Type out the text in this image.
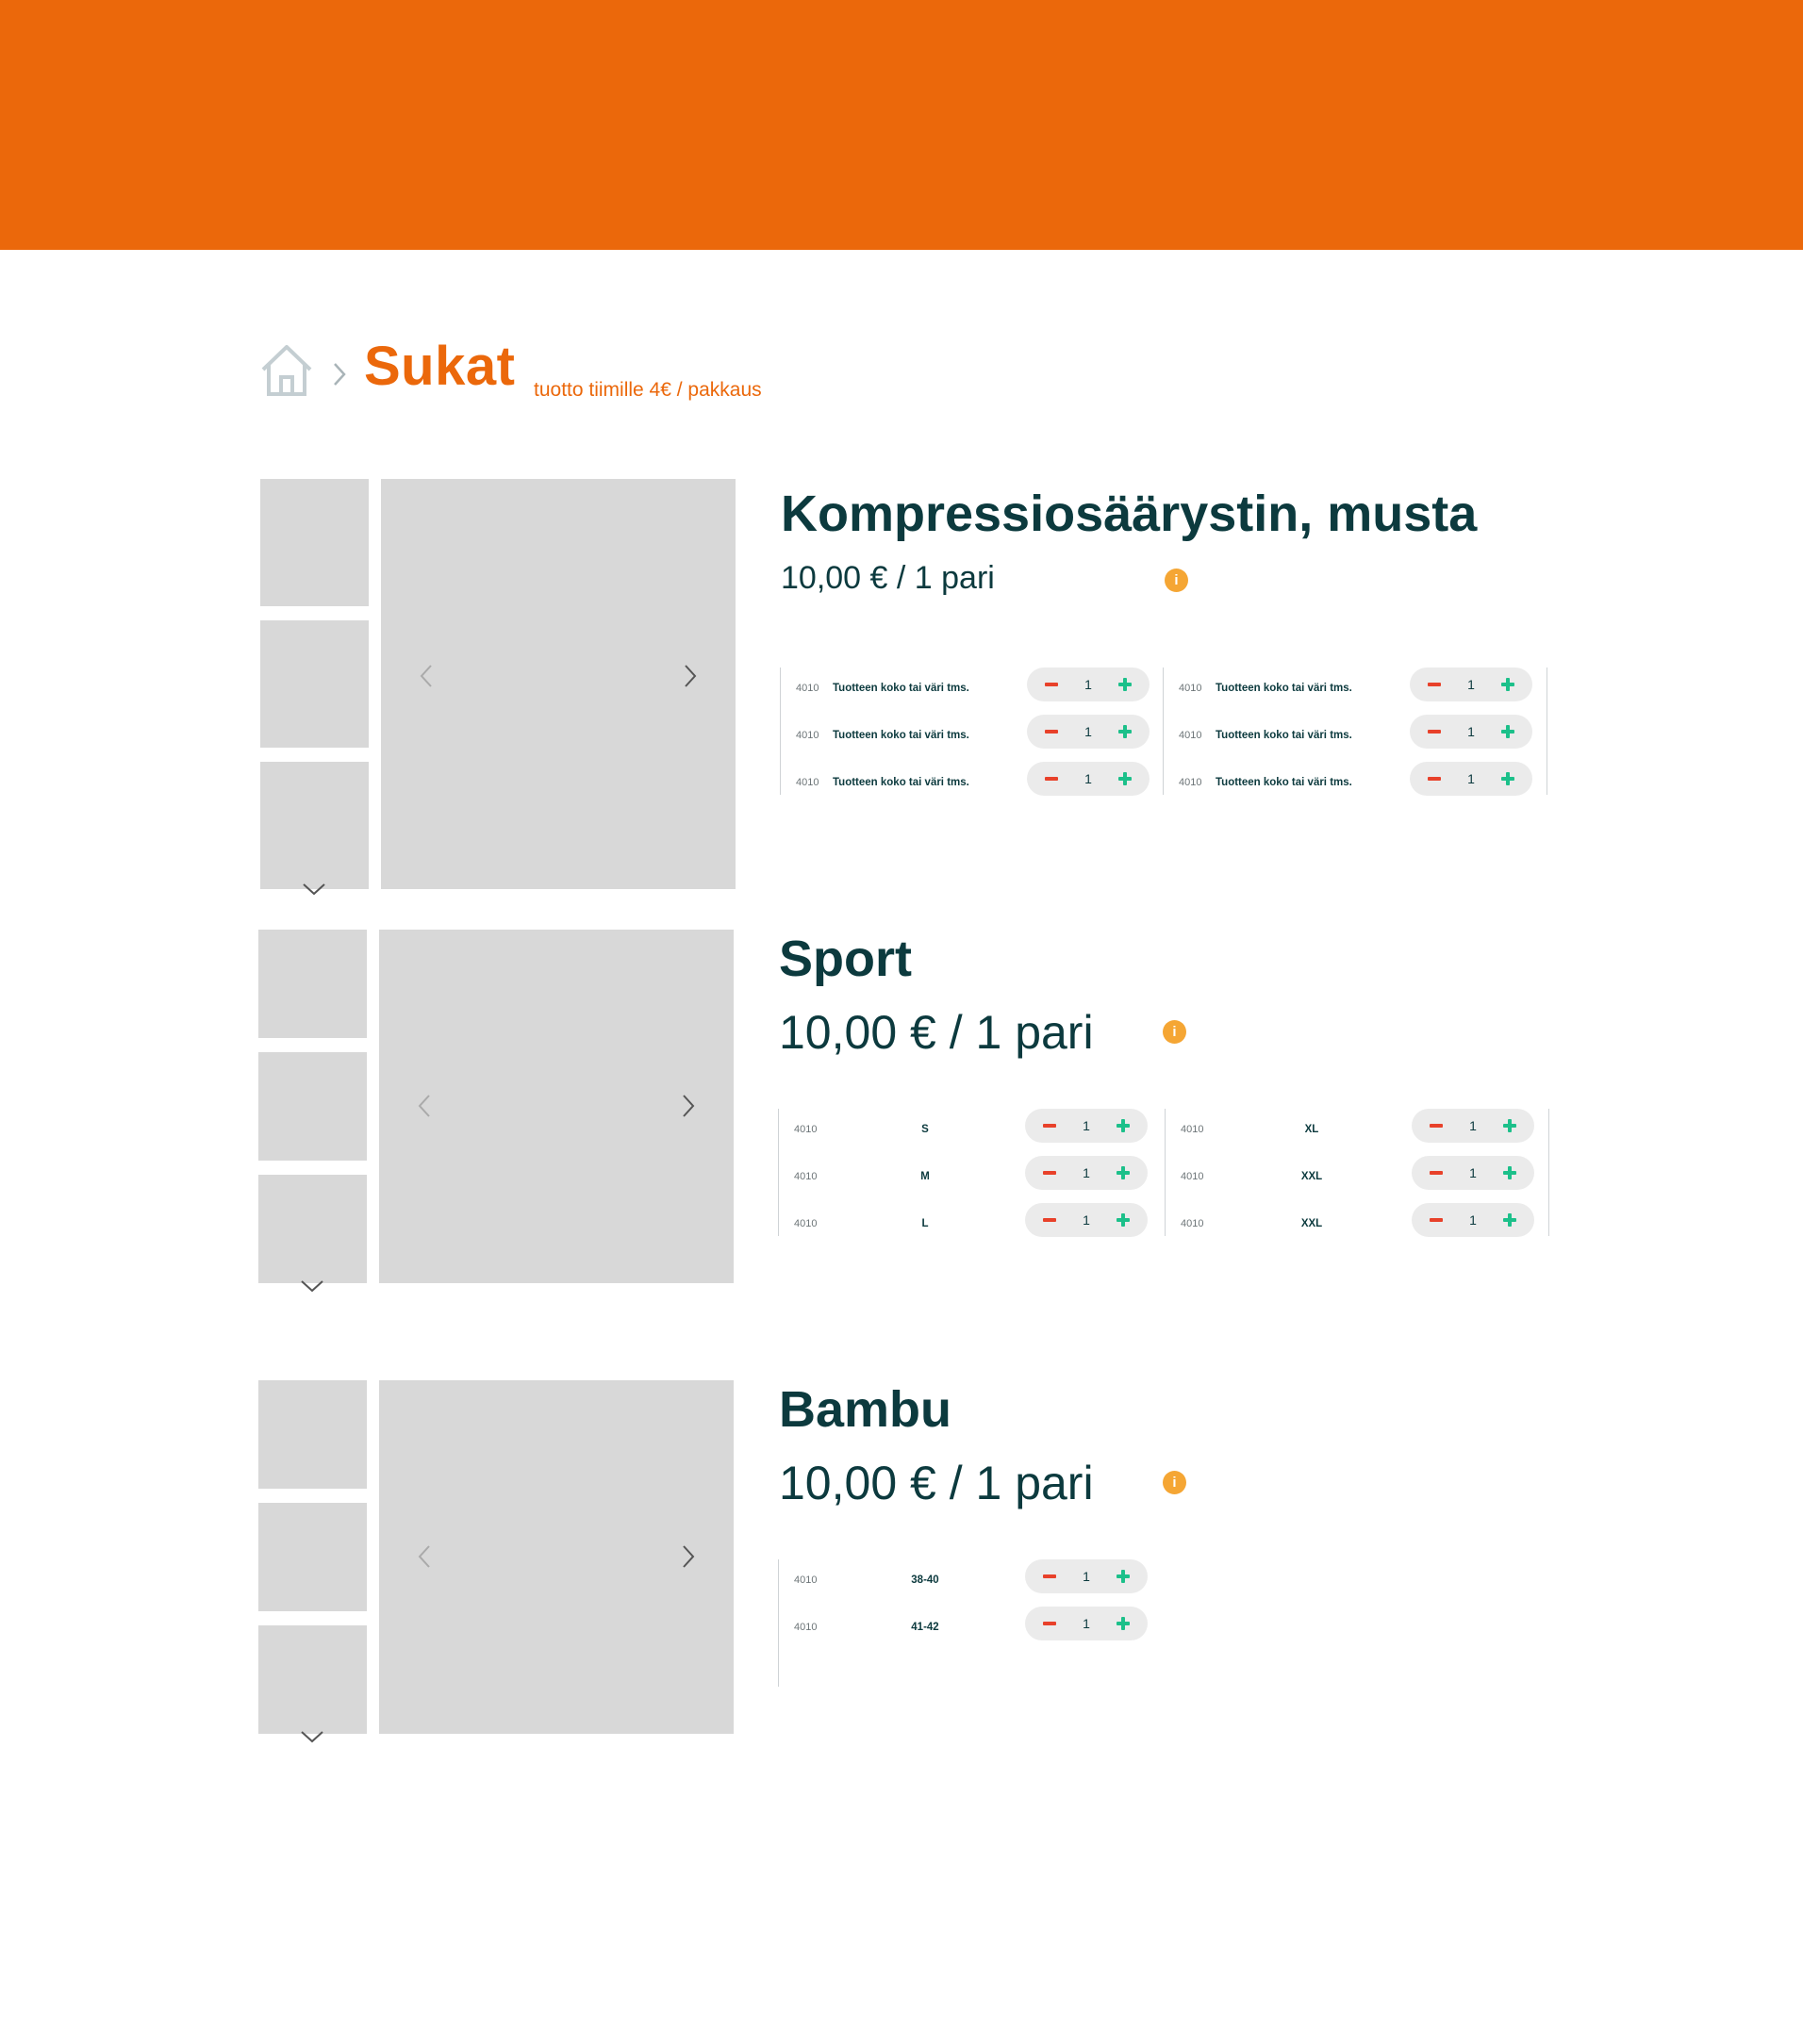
Sukat tuotto tiimille 4€ / pakkaus
Kompressiosäärystin, musta
10,00 € / 1 pari	i
4010 Tuotteen koko tai väri tms.	1
4010 Tuotteen koko tai väri tms.	1
4010 Tuotteen koko tai väri tms.	1
4010 Tuotteen koko tai väri tms.	1
4010 Tuotteen koko tai väri tms.	1
4010 Tuotteen koko tai väri tms.	1
Sport
10,00 € / 1 pari	i
4010	S	1
4010	M	1
4010	L	1
4010	XL	1
4010	XXL	1
4010	XXL	1
Bambu
10,00 € / 1 pari	i
4010	38-40	1
4010	41-42	1
